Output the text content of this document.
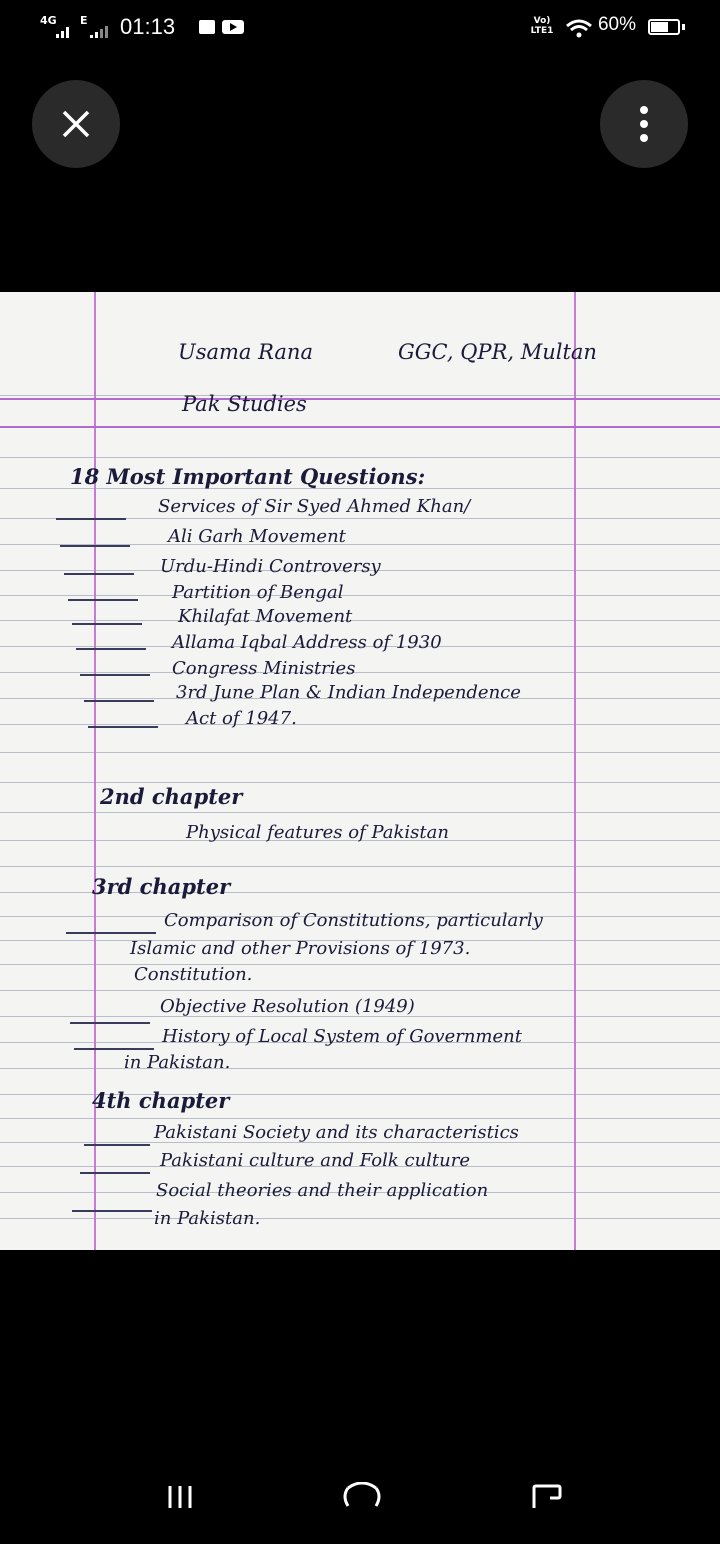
4G E 01:13	Vo) LTE1 60%
Usama Rana	GGC, QPR, Multan
Pak Studies
18 Most Important Questions:
Services of Sir Syed Ahmed Khan/
Ali Garh Movement
Urdu-Hindi Controversy
Partition of Bengal
Khilafat Movement
Allama Iqbal Address of 1930
Congress Ministries
3rd June Plan & Indian Independence
Act of 1947.
2nd chapter
Physical features of Pakistan
3rd chapter
Comparison of Constitutions, particularly
Islamic and other Provisions of 1973.
Constitution.
Objective Resolution (1949)
History of Local System of Government
in Pakistan.
4th chapter
Pakistani Society and its characteristics
Pakistani culture and Folk culture
Social theories and their application
in Pakistan.
